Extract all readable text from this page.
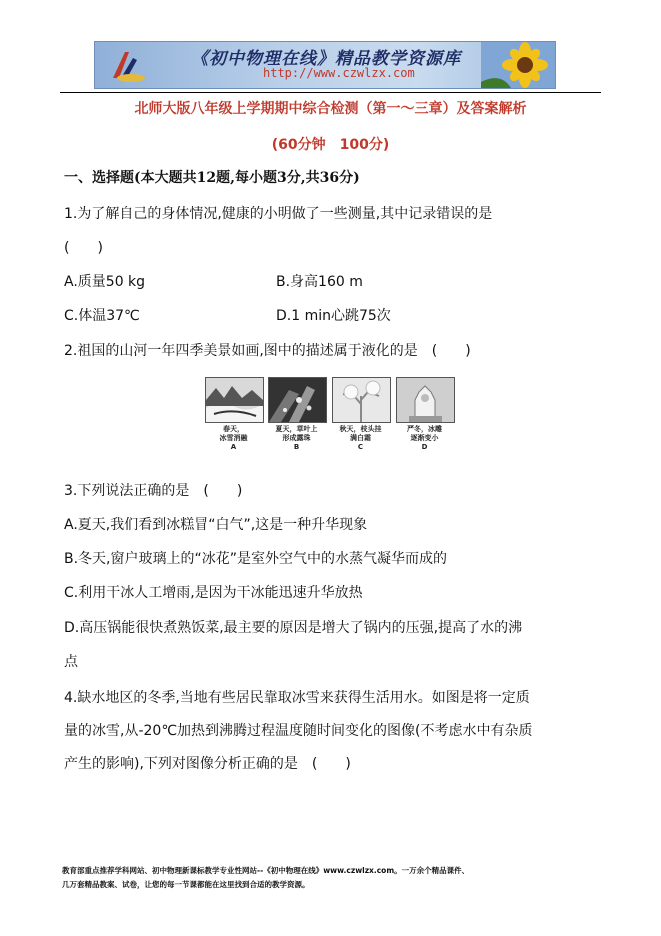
《初中物理在线》精品教学资源库
http://www.czwlzx.com
北师大版八年级上学期期中综合检测（第一～三章）及答案解析
(60分钟　100分)
一、选择题(本大题共12题,每小题3分,共36分)
1.为了解自己的身体情况,健康的小明做了一些测量,其中记录错误的是
(　　)
A.质量50 kg	B.身高160 m
C.体温37℃	D.1 min心跳75次
2.祖国的山河一年四季美景如画,图中的描述属于液化的是　(　　)
春天，
冰雪消融
A
夏天，草叶上
形成露珠
B
秋天，枝头挂
满白霜
C
严冬，冰雕
逐渐变小
D
3.下列说法正确的是　(　　)
A.夏天,我们看到冰糕冒“白气”,这是一种升华现象
B.冬天,窗户玻璃上的“冰花”是室外空气中的水蒸气凝华而成的
C.利用干冰人工增雨,是因为干冰能迅速升华放热
D.高压锅能很快煮熟饭菜,最主要的原因是增大了锅内的压强,提高了水的沸
点
4.缺水地区的冬季,当地有些居民靠取冰雪来获得生活用水。如图是将一定质
量的冰雪,从-20℃加热到沸腾过程温度随时间变化的图像(不考虑水中有杂质
产生的影响),下列对图像分析正确的是　(　　)
教育部重点推荐学科网站、初中物理新课标教学专业性网站--《初中物理在线》www.czwlzx.com。一万余个精品课件、
几万套精品教案、试卷，让您的每一节课都能在这里找到合适的教学资源。
